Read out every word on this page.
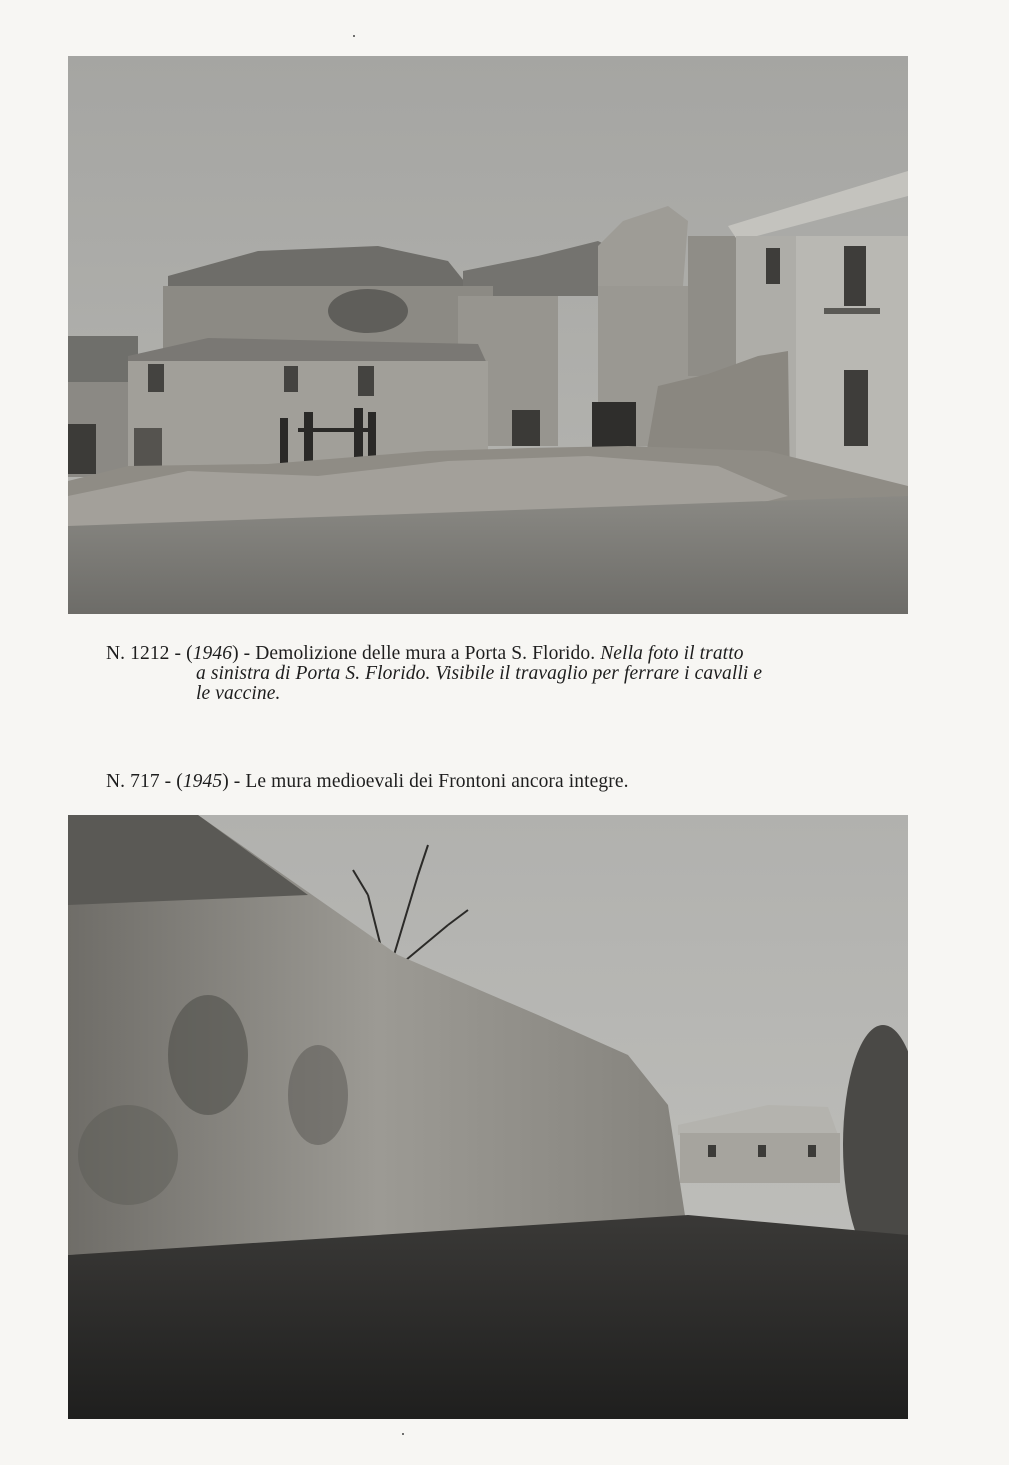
N. 1212 - (1946) - Demolizione delle mura a Porta S. Florido. Nella foto il tratto
a sinistra di Porta S. Florido. Visibile il travaglio per ferrare i cavalli e
le vaccine.
N. 717 - (1945) - Le mura medioevali dei Frontoni ancora integre.
